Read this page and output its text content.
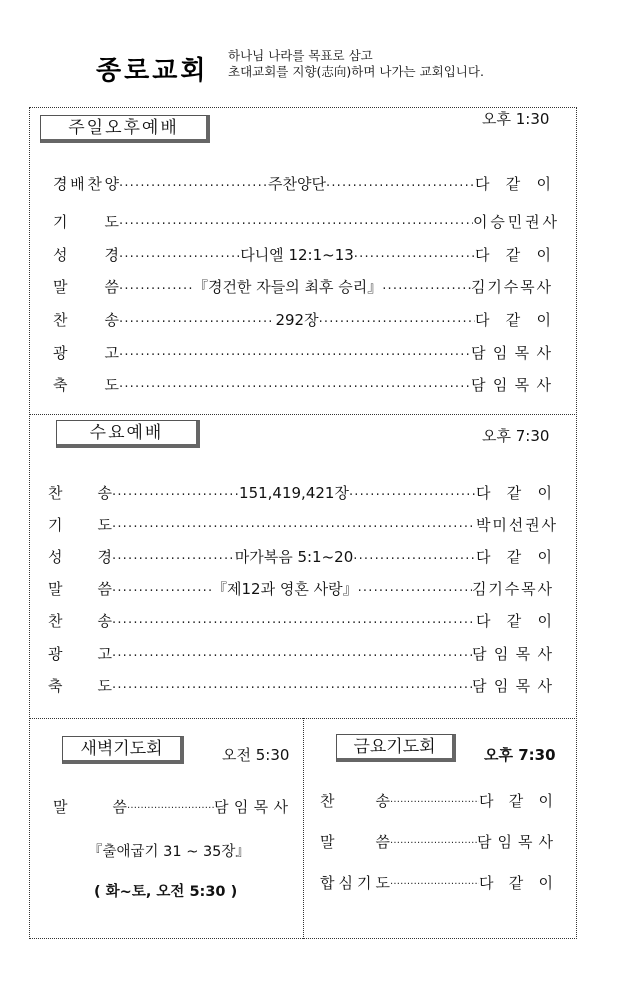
종로교회
하나님 나라를 목표로 삼고
초대교회를 지향(志向)하며 나가는 교회입니다.
주일오후예배	오후 1:30
경 배 찬 양 .....	주찬양단 .....	다 같 이
기 도 .....	이 승 민 권 사
성 경 .....	다니엘 12:1~13 .....	다 같 이
말 씀 .....	『경건한 자들의 최후 승리』 .....	김 기 수 목 사
찬 송 .....	292장 .....	다 같 이
광 고 .....	담 임 목 사
축 도 .....	담 임 목 사
수요예배	오후 7:30
찬 송 .....	151,419,421장 .....	다 같 이
기 도 .....	박 미 선 권 사
성 경 .....	마가복음 5:1~20 .....	다 같 이
말 씀 .....	『제12과 영혼 사랑』 .....	김 기 수 목 사
찬 송 .....	다 같 이
광 고 .....	담 임 목 사
축 도 .....	담 임 목 사
새벽기도회	오전 5:30
말	씀 .....	담 임 목 사
『출애굽기 31 ~ 35장』
( 화~토, 오전 5:30 )
금요기도회	오후 7:30
찬	송 .....	다 같 이
말	씀 .....	담 임 목 사
합 심 기 도 .....	다 같 이
